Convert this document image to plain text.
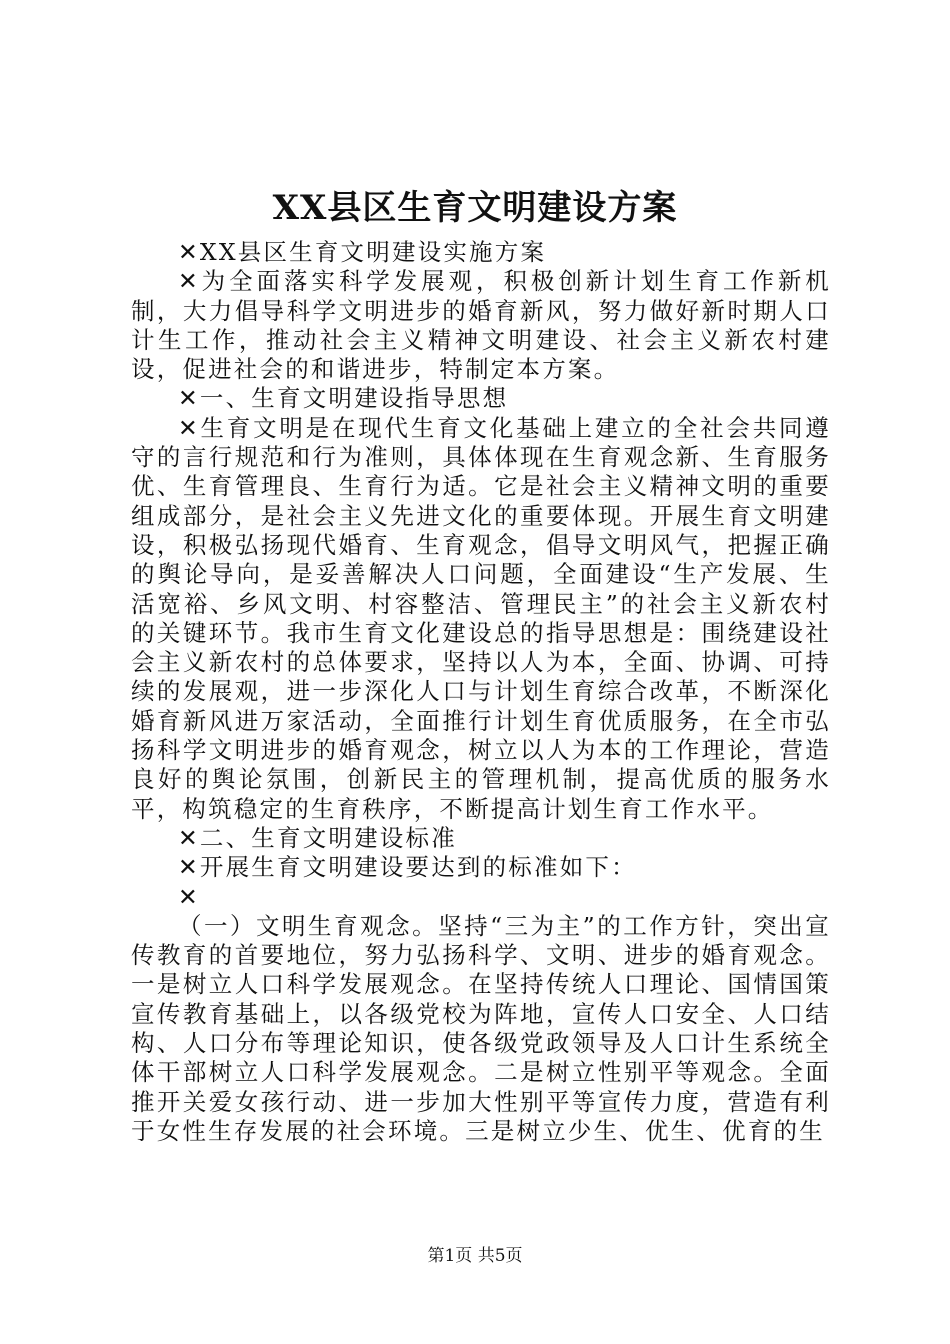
XX县区生育文明建设方案

✕XX县区生育文明建设实施方案

✕为全面落实科学发展观，积极创新计划生育工作新机制，大力倡导科学文明进步的婚育新风，努力做好新时期人口计生工作，推动社会主义精神文明建设、社会主义新农村建设，促进社会的和谐进步，特制定本方案。

✕一、生育文明建设指导思想

✕生育文明是在现代生育文化基础上建立的全社会共同遵守的言行规范和行为准则，具体体现在生育观念新、生育服务优、生育管理良、生育行为适。它是社会主义精神文明的重要组成部分，是社会主义先进文化的重要体现。开展生育文明建设，积极弘扬现代婚育、生育观念，倡导文明风气，把握正确的舆论导向，是妥善解决人口问题，全面建设“生产发展、生活宽裕、乡风文明、村容整洁、管理民主”的社会主义新农村的关键环节。我市生育文化建设总的指导思想是：围绕建设社会主义新农村的总体要求，坚持以人为本，全面、协调、可持续的发展观，进一步深化人口与计划生育综合改革，不断深化婚育新风进万家活动，全面推行计划生育优质服务，在全市弘扬科学文明进步的婚育观念，树立以人为本的工作理论，营造良好的舆论氛围，创新民主的管理机制，提高优质的服务水平，构筑稳定的生育秩序，不断提高计划生育工作水平。

✕二、生育文明建设标准

✕开展生育文明建设要达到的标准如下：

✕

（一）文明生育观念。坚持“三为主”的工作方针，突出宣传教育的首要地位，努力弘扬科学、文明、进步的婚育观念。一是树立人口科学发展观念。在坚持传统人口理论、国情国策宣传教育基础上，以各级党校为阵地，宣传人口安全、人口结构、人口分布等理论知识，使各级党政领导及人口计生系统全体干部树立人口科学发展观念。二是树立性别平等观念。全面推开关爱女孩行动、进一步加大性别平等宣传力度，营造有利于女性生存发展的社会环境。三是树立少生、优生、优育的生

第1页 共5页
